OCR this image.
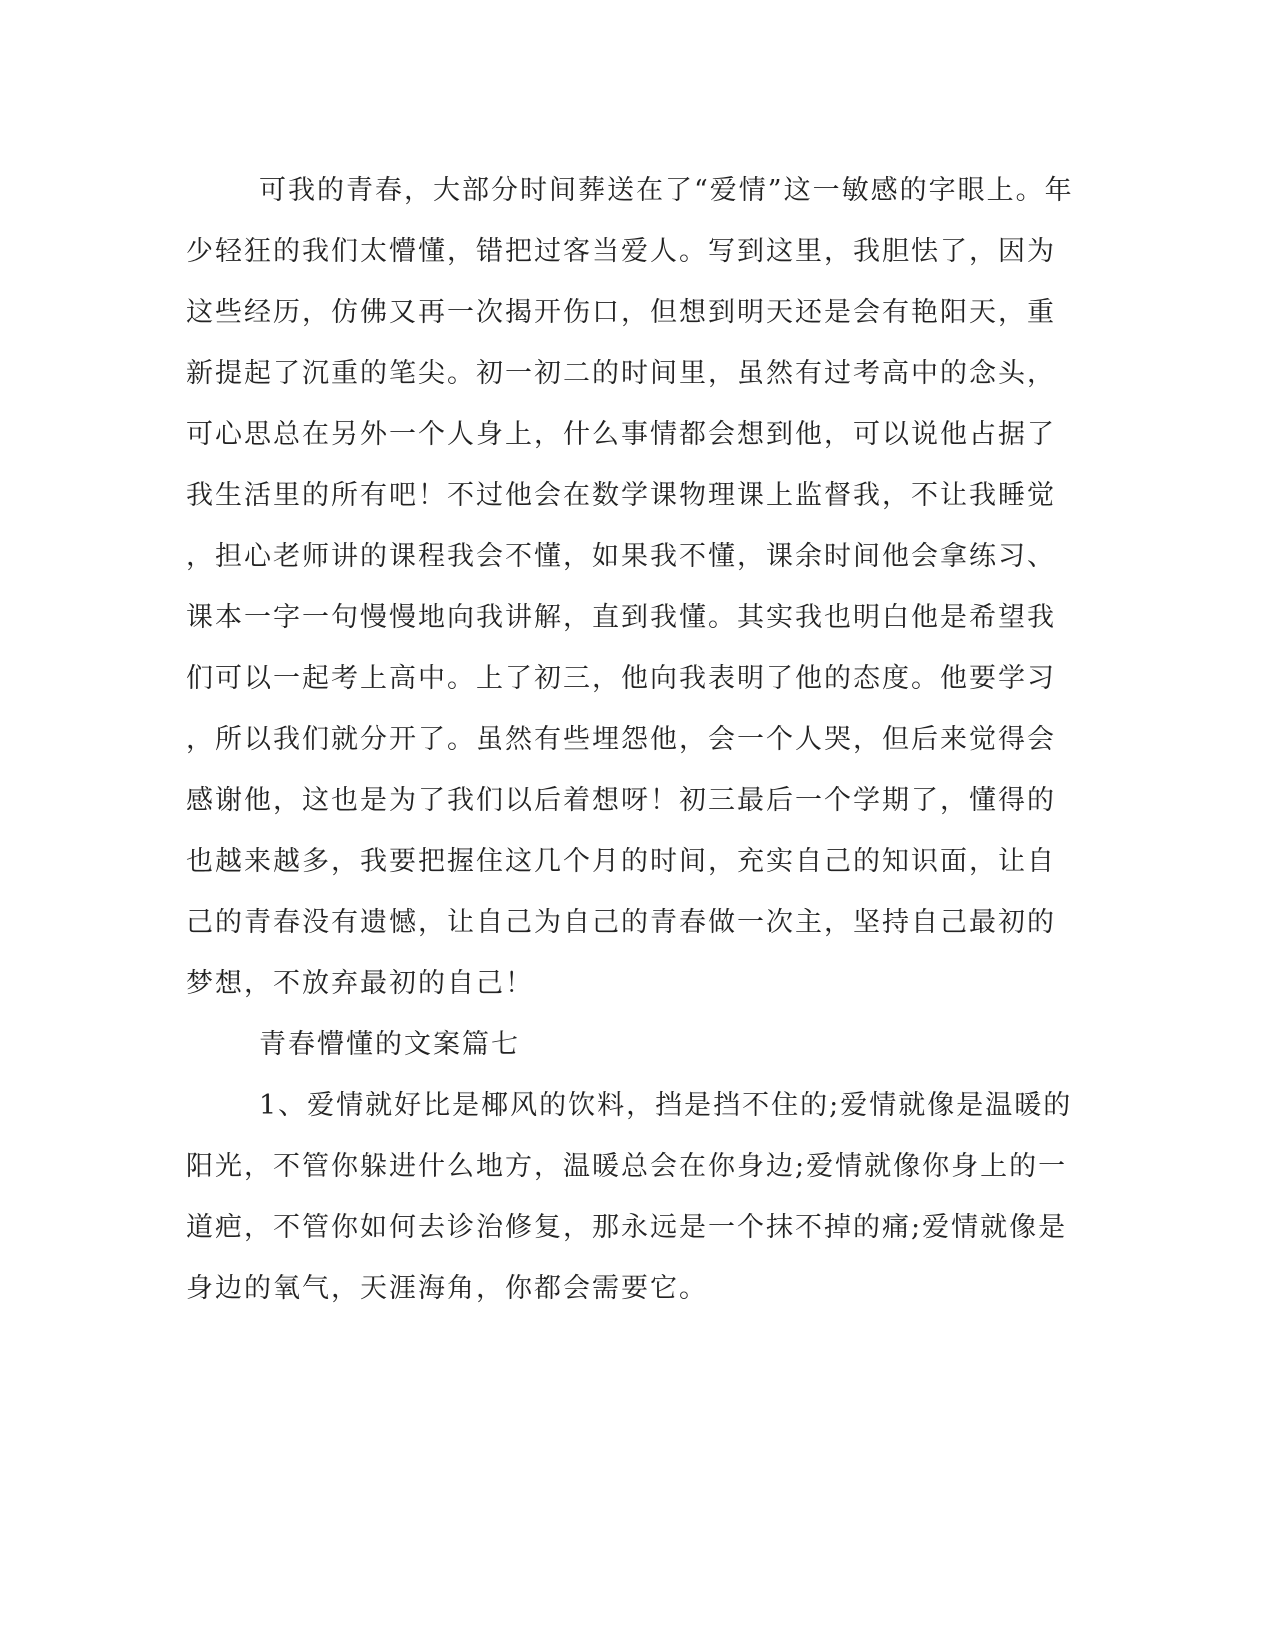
可我的青春，大部分时间葬送在了“爱情”这一敏感的字眼上。年
少轻狂的我们太懵懂，错把过客当爱人。写到这里，我胆怯了，因为
这些经历，仿佛又再一次揭开伤口，但想到明天还是会有艳阳天，重
新提起了沉重的笔尖。初一初二的时间里，虽然有过考高中的念头，
可心思总在另外一个人身上，什么事情都会想到他，可以说他占据了
我生活里的所有吧！不过他会在数学课物理课上监督我，不让我睡觉
，担心老师讲的课程我会不懂，如果我不懂，课余时间他会拿练习、
课本一字一句慢慢地向我讲解，直到我懂。其实我也明白他是希望我
们可以一起考上高中。上了初三，他向我表明了他的态度。他要学习
，所以我们就分开了。虽然有些埋怨他，会一个人哭，但后来觉得会
感谢他，这也是为了我们以后着想呀！初三最后一个学期了，懂得的
也越来越多，我要把握住这几个月的时间，充实自己的知识面，让自
己的青春没有遗憾，让自己为自己的青春做一次主，坚持自己最初的
梦想，不放弃最初的自己！
青春懵懂的文案篇七
1、爱情就好比是椰风的饮料，挡是挡不住的;爱情就像是温暖的
阳光，不管你躲进什么地方，温暖总会在你身边;爱情就像你身上的一
道疤，不管你如何去诊治修复，那永远是一个抹不掉的痛;爱情就像是
身边的氧气，天涯海角，你都会需要它。
